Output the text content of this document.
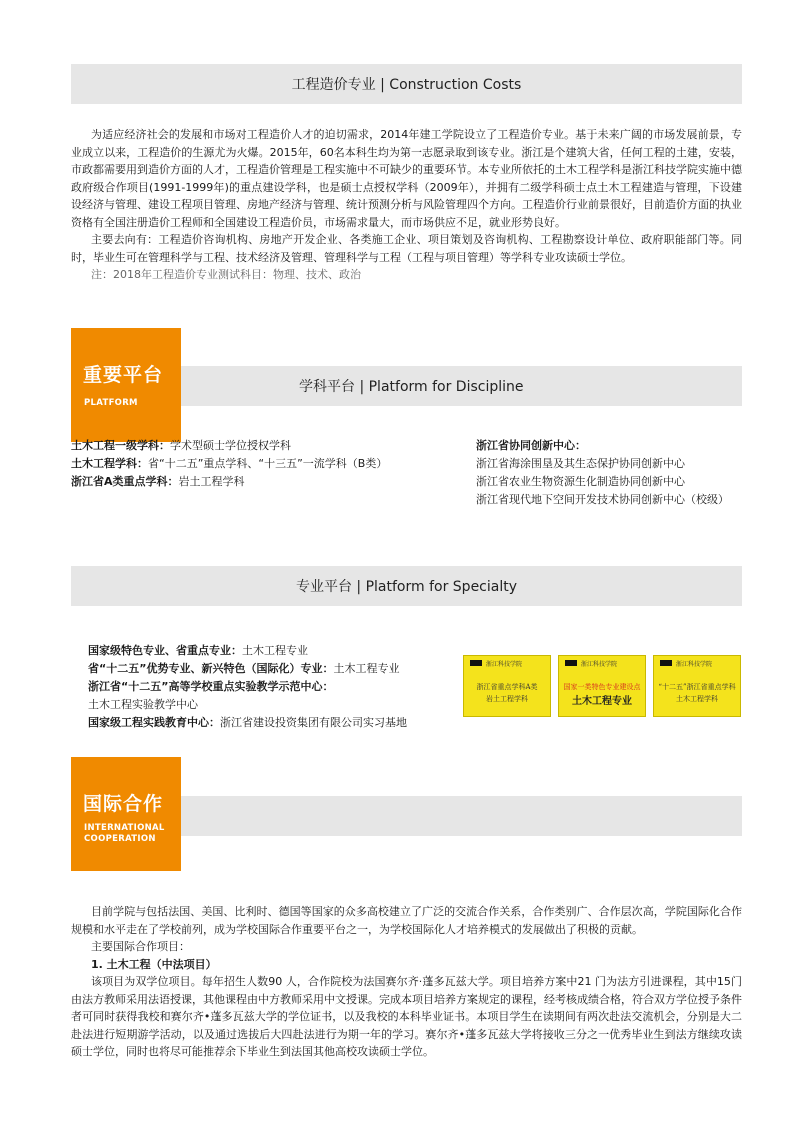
工程造价专业 | Construction Costs

为适应经济社会的发展和市场对工程造价人才的迫切需求，2014年建工学院设立了工程造价专业。基于未来广阔的市场发展前景，专业成立以来，工程造价的生源尤为火爆。2015年，60名本科生均为第一志愿录取到该专业。浙江是个建筑大省，任何工程的土建，安装，市政都需要用到造价方面的人才，工程造价管理是工程实施中不可缺少的重要环节。本专业所依托的土木工程学科是浙江科技学院实施中德政府级合作项目(1991-1999年)的重点建设学科，也是硕士点授权学科（2009年），并拥有二级学科硕士点土木工程建造与管理，下设建设经济与管理、建设工程项目管理、房地产经济与管理、统计预测分析与风险管理四个方向。工程造价行业前景很好，目前造价方面的执业资格有全国注册造价工程师和全国建设工程造价员，市场需求量大，而市场供应不足，就业形势良好。

主要去向有：工程造价咨询机构、房地产开发企业、各类施工企业、项目策划及咨询机构、工程勘察设计单位、政府职能部门等。同时，毕业生可在管理科学与工程、技术经济及管理、管理科学与工程（工程与项目管理）等学科专业攻读硕士学位。

注：2018年工程造价专业测试科目：物理、技术、政治

学科平台 | Platform for Discipline
重要平台
PLATFORM
土木工程一级学科：学术型硕士学位授权学科
土木工程学科：省“十二五”重点学科、“十三五”一流学科（B类）
浙江省A类重点学科：岩土工程学科
浙江省协同创新中心：
浙江省海涂围垦及其生态保护协同创新中心
浙江省农业生物资源生化制造协同创新中心
浙江省现代地下空间开发技术协同创新中心（校级）
专业平台 | Platform for Specialty
国家级特色专业、省重点专业：土木工程专业
省“十二五”优势专业、新兴特色（国际化）专业：土木工程专业
浙江省“十二五”高等学校重点实验教学示范中心：
土木工程实验教学中心
国家级工程实践教育中心：浙江省建设投资集团有限公司实习基地
浙江科技学院
浙江省重点学科A类
岩土工程学科
浙江科技学院
国家一类特色专业建设点
土木工程专业
浙江科技学院
“十二五”浙江省重点学科
土木工程学科
国际合作
INTERNATIONAL
COOPERATION

目前学院与包括法国、美国、比利时、德国等国家的众多高校建立了广泛的交流合作关系，合作类别广、合作层次高，学院国际化合作规模和水平走在了学校前列，成为学校国际合作重要平台之一，为学校国际化人才培养模式的发展做出了积极的贡献。

主要国际合作项目：

1. 土木工程（中法项目）

该项目为双学位项目。每年招生人数90 人，合作院校为法国赛尔齐·蓬多瓦兹大学。项目培养方案中21 门为法方引进课程，其中15门由法方教师采用法语授课，其他课程由中方教师采用中文授课。完成本项目培养方案规定的课程，经考核成绩合格，符合双方学位授予条件者可同时获得我校和赛尔齐•蓬多瓦兹大学的学位证书，以及我校的本科毕业证书。本项目学生在读期间有两次赴法交流机会，分别是大二赴法进行短期游学活动，以及通过选拔后大四赴法进行为期一年的学习。赛尔齐•蓬多瓦兹大学将接收三分之一优秀毕业生到法方继续攻读硕士学位，同时也将尽可能推荐余下毕业生到法国其他高校攻读硕士学位。
